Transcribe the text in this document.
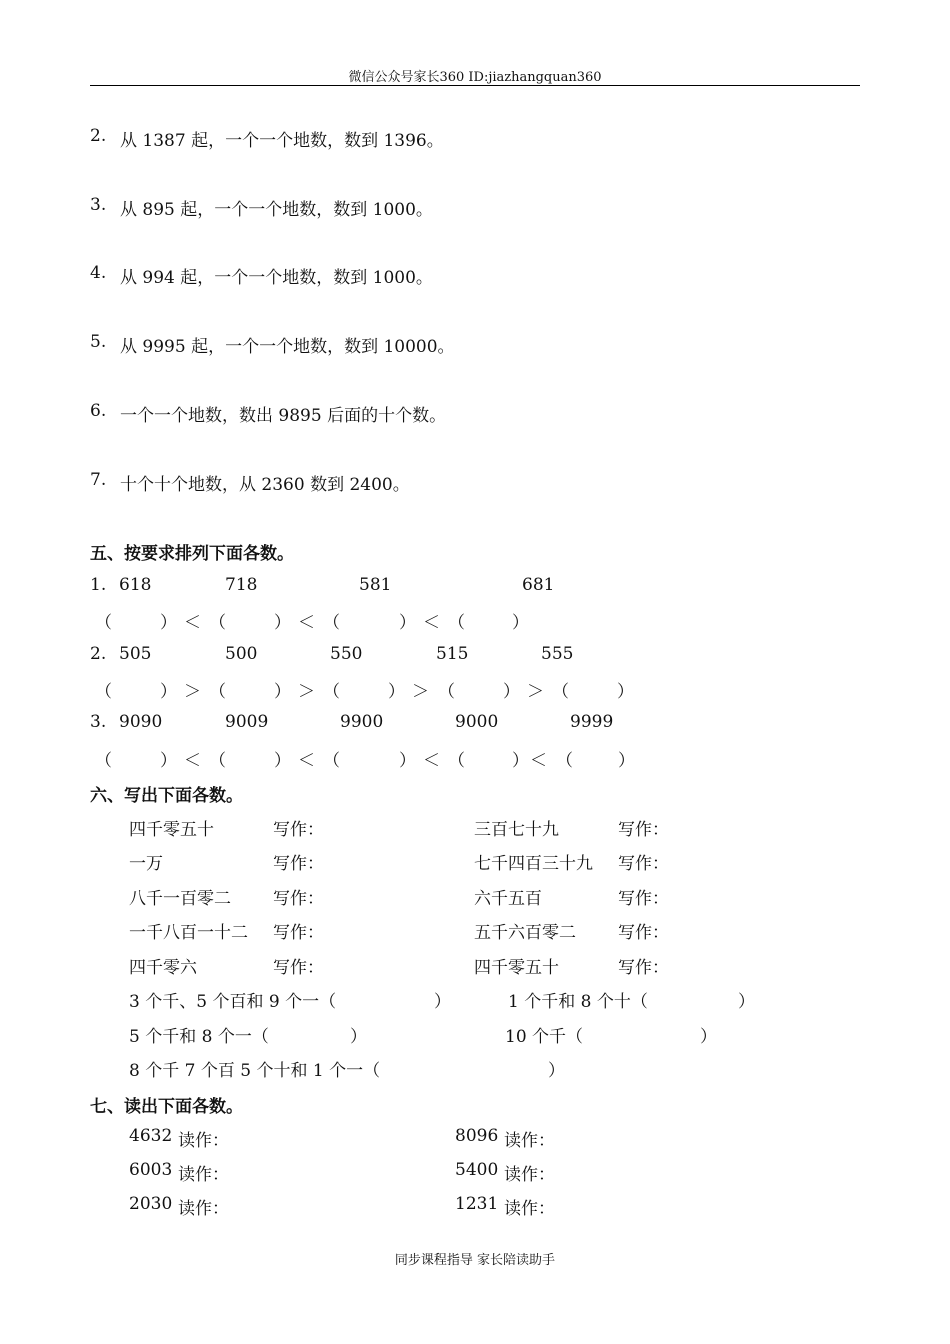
微信公众号家长360 ID:jiazhangquan360
2. 从 1387 起，一个一个地数，数到 1396。
3. 从 895 起，一个一个地数，数到 1000。
4. 从 994 起，一个一个地数，数到 1000。
5. 从 9995 起，一个一个地数，数到 10000。
6. 一个一个地数，数出 9895 后面的十个数。
7. 十个十个地数，从 2360 数到 2400。
五、按要求排列下面各数。
1. 618	718	581	681
（	） ＜ （	） ＜ （	） ＜ （	）
2. 505	500	550	515	555
（	） ＞ （	） ＞ （	） ＞ （	） ＞ （	）
3. 9090	9009	9900	9000	9999
（	） ＜ （	） ＜ （	） ＜ （	） ＜ （	）
六、写出下面各数。
四千零五十	写作：	三百七十九	写作：
一万	写作：	七千四百三十九 写作：
八千一百零二 写作：	六千五百	写作：
一千八百一十二 写作：	五千六百零二 写作：
四千零六	写作：	四千零五十	写作：
3 个千、5 个百和 9 个一（	）	1 个千和 8 个十（	）
5 个千和 8 个一（	）	10 个千（	）
8 个千 7 个百 5 个十和 1 个一（	）
七、读出下面各数。
4632 读作：	8096 读作：
6003 读作：	5400 读作：
2030 读作：	1231 读作：
同步课程指导 家长陪读助手
